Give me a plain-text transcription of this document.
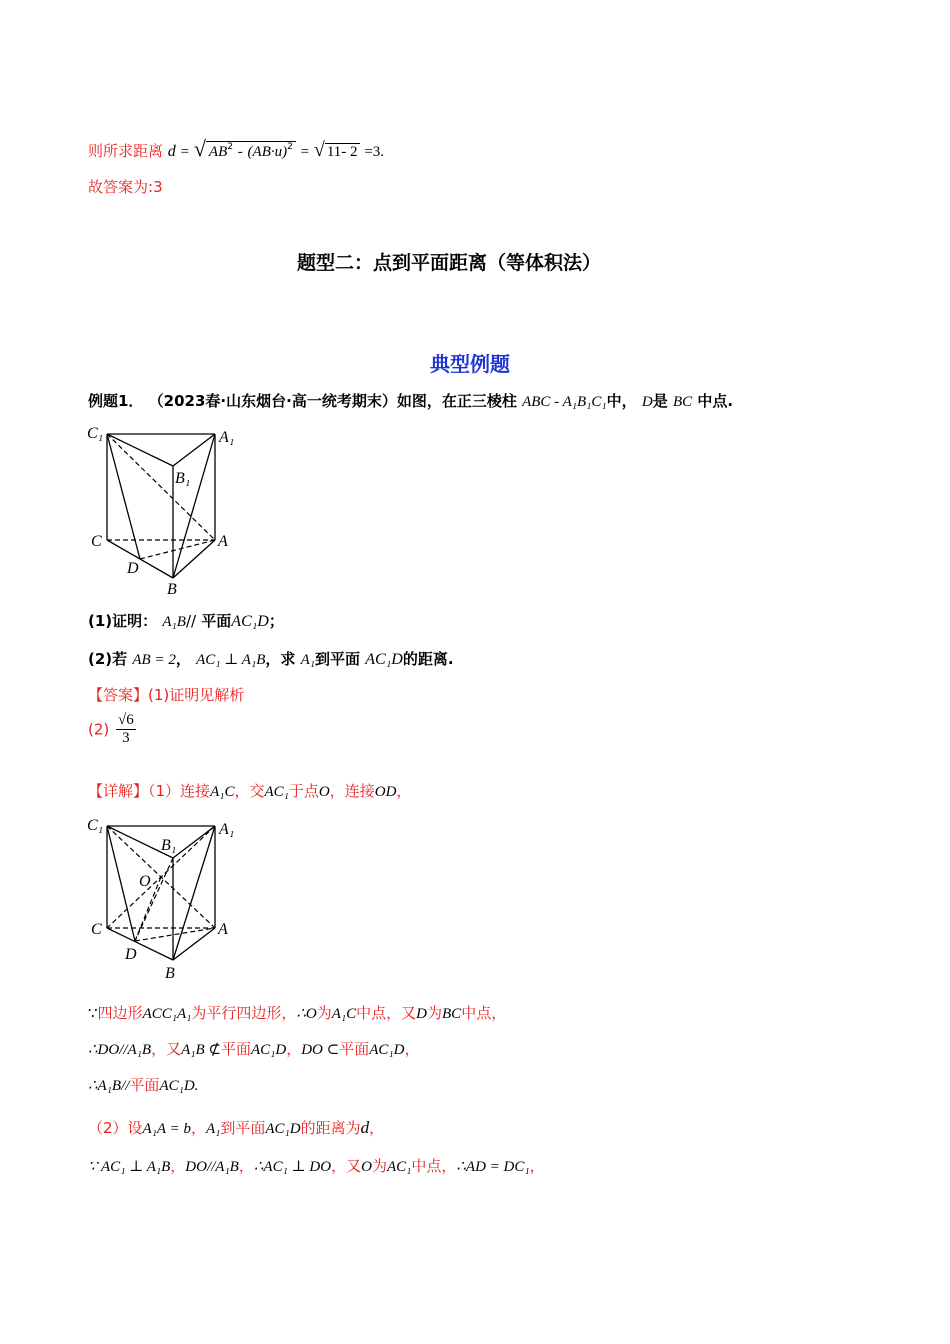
则所求距离 d = √ $AB^2 - (AB\cdot u)^2$ = √ 11- 2 =3.
故答案为:3
题型二：点到平面距离（等体积法）
典型例题
例题1． （2023春·山东烟台·高一统考期末）如图，在正三棱柱 ABC - A₁B₁C₁中， D是 BC 中点.
C₁	A₁
B₁
C	A
D
B
(1)证明： A₁B// 平面AC₁D；
(2)若 AB = 2， AC₁ ⊥ A₁B，求 A₁到平面 AC₁D的距离.
【答案】(1)证明见解析
$(2) \frac{√6}{3}$
【详解】（1）连接A₁C，交AC₁于点O，连接OD，
C₁	A₁
B₁
O
C	A
D
B
∵四边形ACC₁A₁为平行四边形，∴O为A₁C中点，又D为BC中点，
∴DO//A₁B，又A₁B ⊄平面AC₁D，DO ⊂平面AC₁D，
∴A₁B//平面AC₁D.
（2）设A₁A = b，A₁到平面AC₁D的距离为d，
∵ AC₁ ⊥ A₁B，DO//A₁B，∴AC₁ ⊥ DO，又O为AC₁中点，∴AD = DC₁，
